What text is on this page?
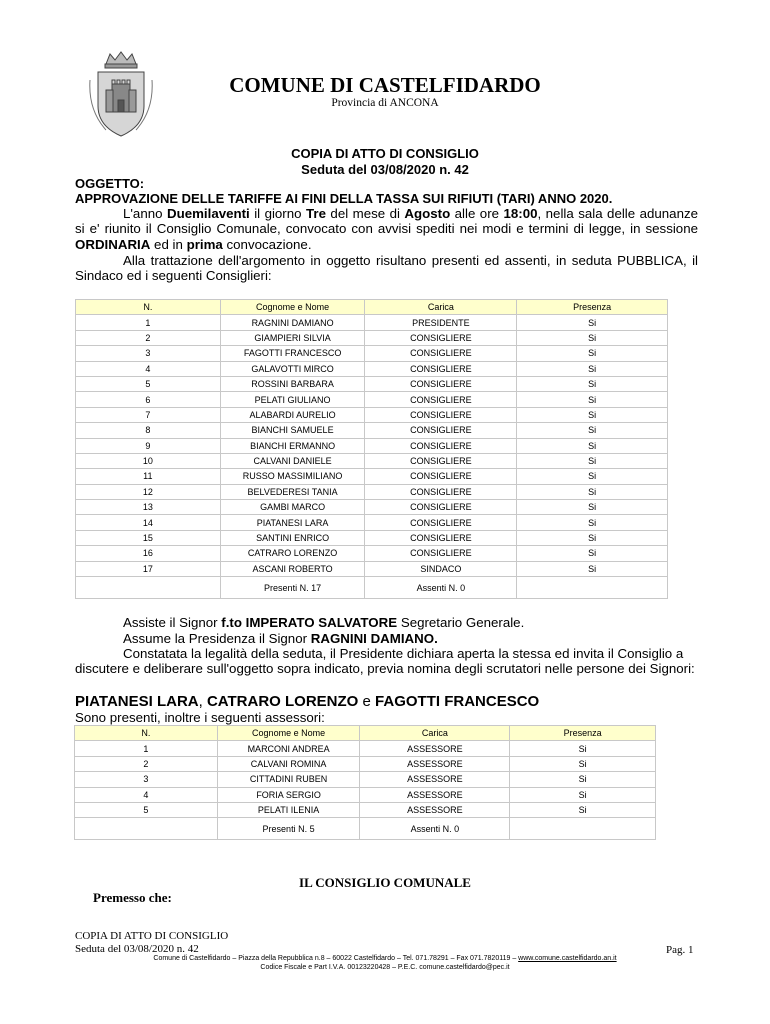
COMUNE DI CASTELFIDARDO
Provincia di ANCONA
COPIA DI ATTO DI CONSIGLIO
Seduta del 03/08/2020 n. 42
OGGETTO:
APPROVAZIONE DELLE TARIFFE AI FINI DELLA TASSA SUI RIFIUTI (TARI) ANNO 2020.
L'anno Duemilaventi il giorno Tre del mese di Agosto alle ore 18:00, nella sala delle adunanze si e' riunito il Consiglio Comunale, convocato con avvisi spediti nei modi e termini di legge, in sessione ORDINARIA ed in prima convocazione.
Alla trattazione dell'argomento in oggetto risultano presenti ed assenti, in seduta PUBBLICA, il Sindaco ed i seguenti Consiglieri:
N.	Cognome e Nome	Carica	Presenza
1	RAGNINI DAMIANO	PRESIDENTE	Si
2	GIAMPIERI SILVIA	CONSIGLIERE	Si
3	FAGOTTI FRANCESCO	CONSIGLIERE	Si
4	GALAVOTTI MIRCO	CONSIGLIERE	Si
5	ROSSINI BARBARA	CONSIGLIERE	Si
6	PELATI GIULIANO	CONSIGLIERE	Si
7	ALABARDI AURELIO	CONSIGLIERE	Si
8	BIANCHI SAMUELE	CONSIGLIERE	Si
9	BIANCHI ERMANNO	CONSIGLIERE	Si
10	CALVANI DANIELE	CONSIGLIERE	Si
11	RUSSO MASSIMILIANO	CONSIGLIERE	Si
12	BELVEDERESI TANIA	CONSIGLIERE	Si
13	GAMBI MARCO	CONSIGLIERE	Si
14	PIATANESI LARA	CONSIGLIERE	Si
15	SANTINI ENRICO	CONSIGLIERE	Si
16	CATRARO LORENZO	CONSIGLIERE	Si
17	ASCANI ROBERTO	SINDACO	Si
	Presenti N. 17	Assenti N. 0	
Assiste il Signor f.to IMPERATO SALVATORE Segretario Generale.
Assume la Presidenza il Signor RAGNINI DAMIANO.
Constatata la legalità della seduta, il Presidente dichiara aperta la stessa ed invita il Consiglio a discutere e deliberare sull'oggetto sopra indicato, previa nomina degli scrutatori nelle persone dei Signori:
PIATANESI LARA, CATRARO LORENZO e FAGOTTI FRANCESCO
Sono presenti, inoltre i seguenti assessori:
N.	Cognome e Nome	Carica	Presenza
1	MARCONI ANDREA	ASSESSORE	Si
2	CALVANI ROMINA	ASSESSORE	Si
3	CITTADINI RUBEN	ASSESSORE	Si
4	FORIA SERGIO	ASSESSORE	Si
5	PELATI ILENIA	ASSESSORE	Si
	Presenti N. 5	Assenti N. 0	
IL CONSIGLIO COMUNALE
Premesso che:
COPIA DI ATTO DI CONSIGLIO
Seduta del 03/08/2020 n. 42	Pag. 1
Comune di Castelfidardo – Piazza della Repubblica n.8 – 60022 Castelfidardo – Tel. 071.78291 – Fax 071.7820119 – www.comune.castelfidardo.an.it
Codice Fiscale e Part I.V.A. 00123220428 – P.E.C. comune.castelfidardo@pec.it
